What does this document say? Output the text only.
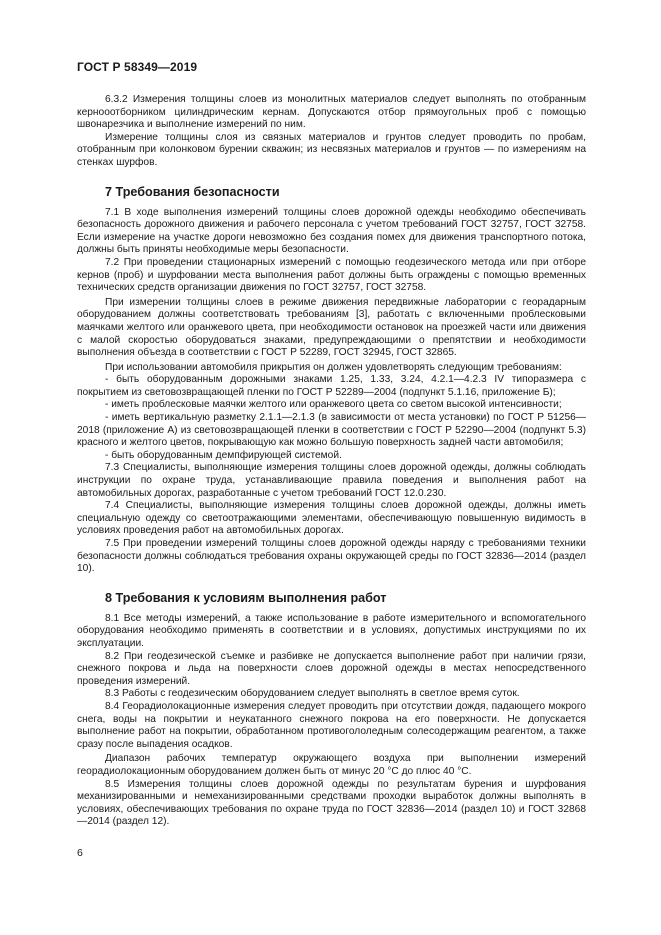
ГОСТ Р 58349—2019

6.3.2 Измерения толщины слоев из монолитных материалов следует выполнять по отобранным кернооотборником цилиндрическим кернам. Допускаются отбор прямоугольных проб с помощью швонарезчика и выполнение измерений по ним.

Измерение толщины слоя из связных материалов и грунтов следует проводить по пробам, отобранным при колонковом бурении скважин; из несвязных материалов и грунтов — по измерениям на стенках шурфов.

7 Требования безопасности

7.1 В ходе выполнения измерений толщины слоев дорожной одежды необходимо обеспечивать безопасность дорожного движения и рабочего персонала с учетом требований ГОСТ 32757, ГОСТ 32758. Если измерение на участке дороги невозможно без создания помех для движения транспортного потока, должны быть приняты необходимые меры безопасности.

7.2 При проведении стационарных измерений с помощью геодезического метода или при отборе кернов (проб) и шурфовании места выполнения работ должны быть ограждены с помощью временных технических средств организации движения по ГОСТ 32757, ГОСТ 32758.

При измерении толщины слоев в режиме движения передвижные лаборатории с георадарным оборудованием должны соответствовать требованиям [3], работать с включенными проблесковыми маячками желтого или оранжевого цвета, при необходимости остановок на проезжей части или движения с малой скоростью оборудоваться знаками, предупреждающими о препятствии и необходимости выполнения объезда в соответствии с ГОСТ Р 52289, ГОСТ 32945, ГОСТ 32865.

При использовании автомобиля прикрытия он должен удовлетворять следующим требованиям:

- быть оборудованным дорожными знаками 1.25, 1.33, 3.24, 4.2.1—4.2.3 IV типоразмера с покрытием из световозвращающей пленки по ГОСТ Р 52289—2004 (подпункт 5.1.16, приложение Б);

- иметь проблесковые маячки желтого или оранжевого цвета со светом высокой интенсивности;

- иметь вертикальную разметку 2.1.1—2.1.3 (в зависимости от места установки) по ГОСТ Р 51256—2018 (приложение А) из световозвращающей пленки в соответствии с ГОСТ Р 52290—2004 (подпункт 5.3) красного и желтого цветов, покрывающую как можно большую поверхность задней части автомобиля;

- быть оборудованным демпфирующей системой.

7.3 Специалисты, выполняющие измерения толщины слоев дорожной одежды, должны соблюдать инструкции по охране труда, устанавливающие правила поведения и выполнения работ на автомобильных дорогах, разработанные с учетом требований ГОСТ 12.0.230.

7.4 Специалисты, выполняющие измерения толщины слоев дорожной одежды, должны иметь специальную одежду со светоотражающими элементами, обеспечивающую повышенную видимость в условиях проведения работ на автомобильных дорогах.

7.5 При проведении измерений толщины слоев дорожной одежды наряду с требованиями техники безопасности должны соблюдаться требования охраны окружающей среды по ГОСТ 32836—2014 (раздел 10).

8 Требования к условиям выполнения работ

8.1 Все методы измерений, а также использование в работе измерительного и вспомогательного оборудования необходимо применять в соответствии и в условиях, допустимых инструкциями по их эксплуатации.

8.2 При геодезической съемке и разбивке не допускается выполнение работ при наличии грязи, снежного покрова и льда на поверхности слоев дорожной одежды в местах непосредственного проведения измерений.

8.3 Работы с геодезическим оборудованием следует выполнять в светлое время суток.

8.4 Георадиолокационные измерения следует проводить при отсутствии дождя, падающего мокрого снега, воды на покрытии и неукатанного снежного покрова на его поверхности. Не допускается выполнение работ на покрытии, обработанном противогололедным солесодержащим реагентом, а также сразу после выпадения осадков.

Диапазон рабочих температур окружающего воздуха при выполнении измерений георадиолокационным оборудованием должен быть от минус 20 °С до плюс 40 °С.

8.5 Измерения толщины слоев дорожной одежды по результатам бурения и шурфования механизированными и немеханизированными средствами проходки выработок должны выполнять в условиях, обеспечивающих требования по охране труда по ГОСТ 32836—2014 (раздел 10) и ГОСТ 32868—2014 (раздел 12).

6
